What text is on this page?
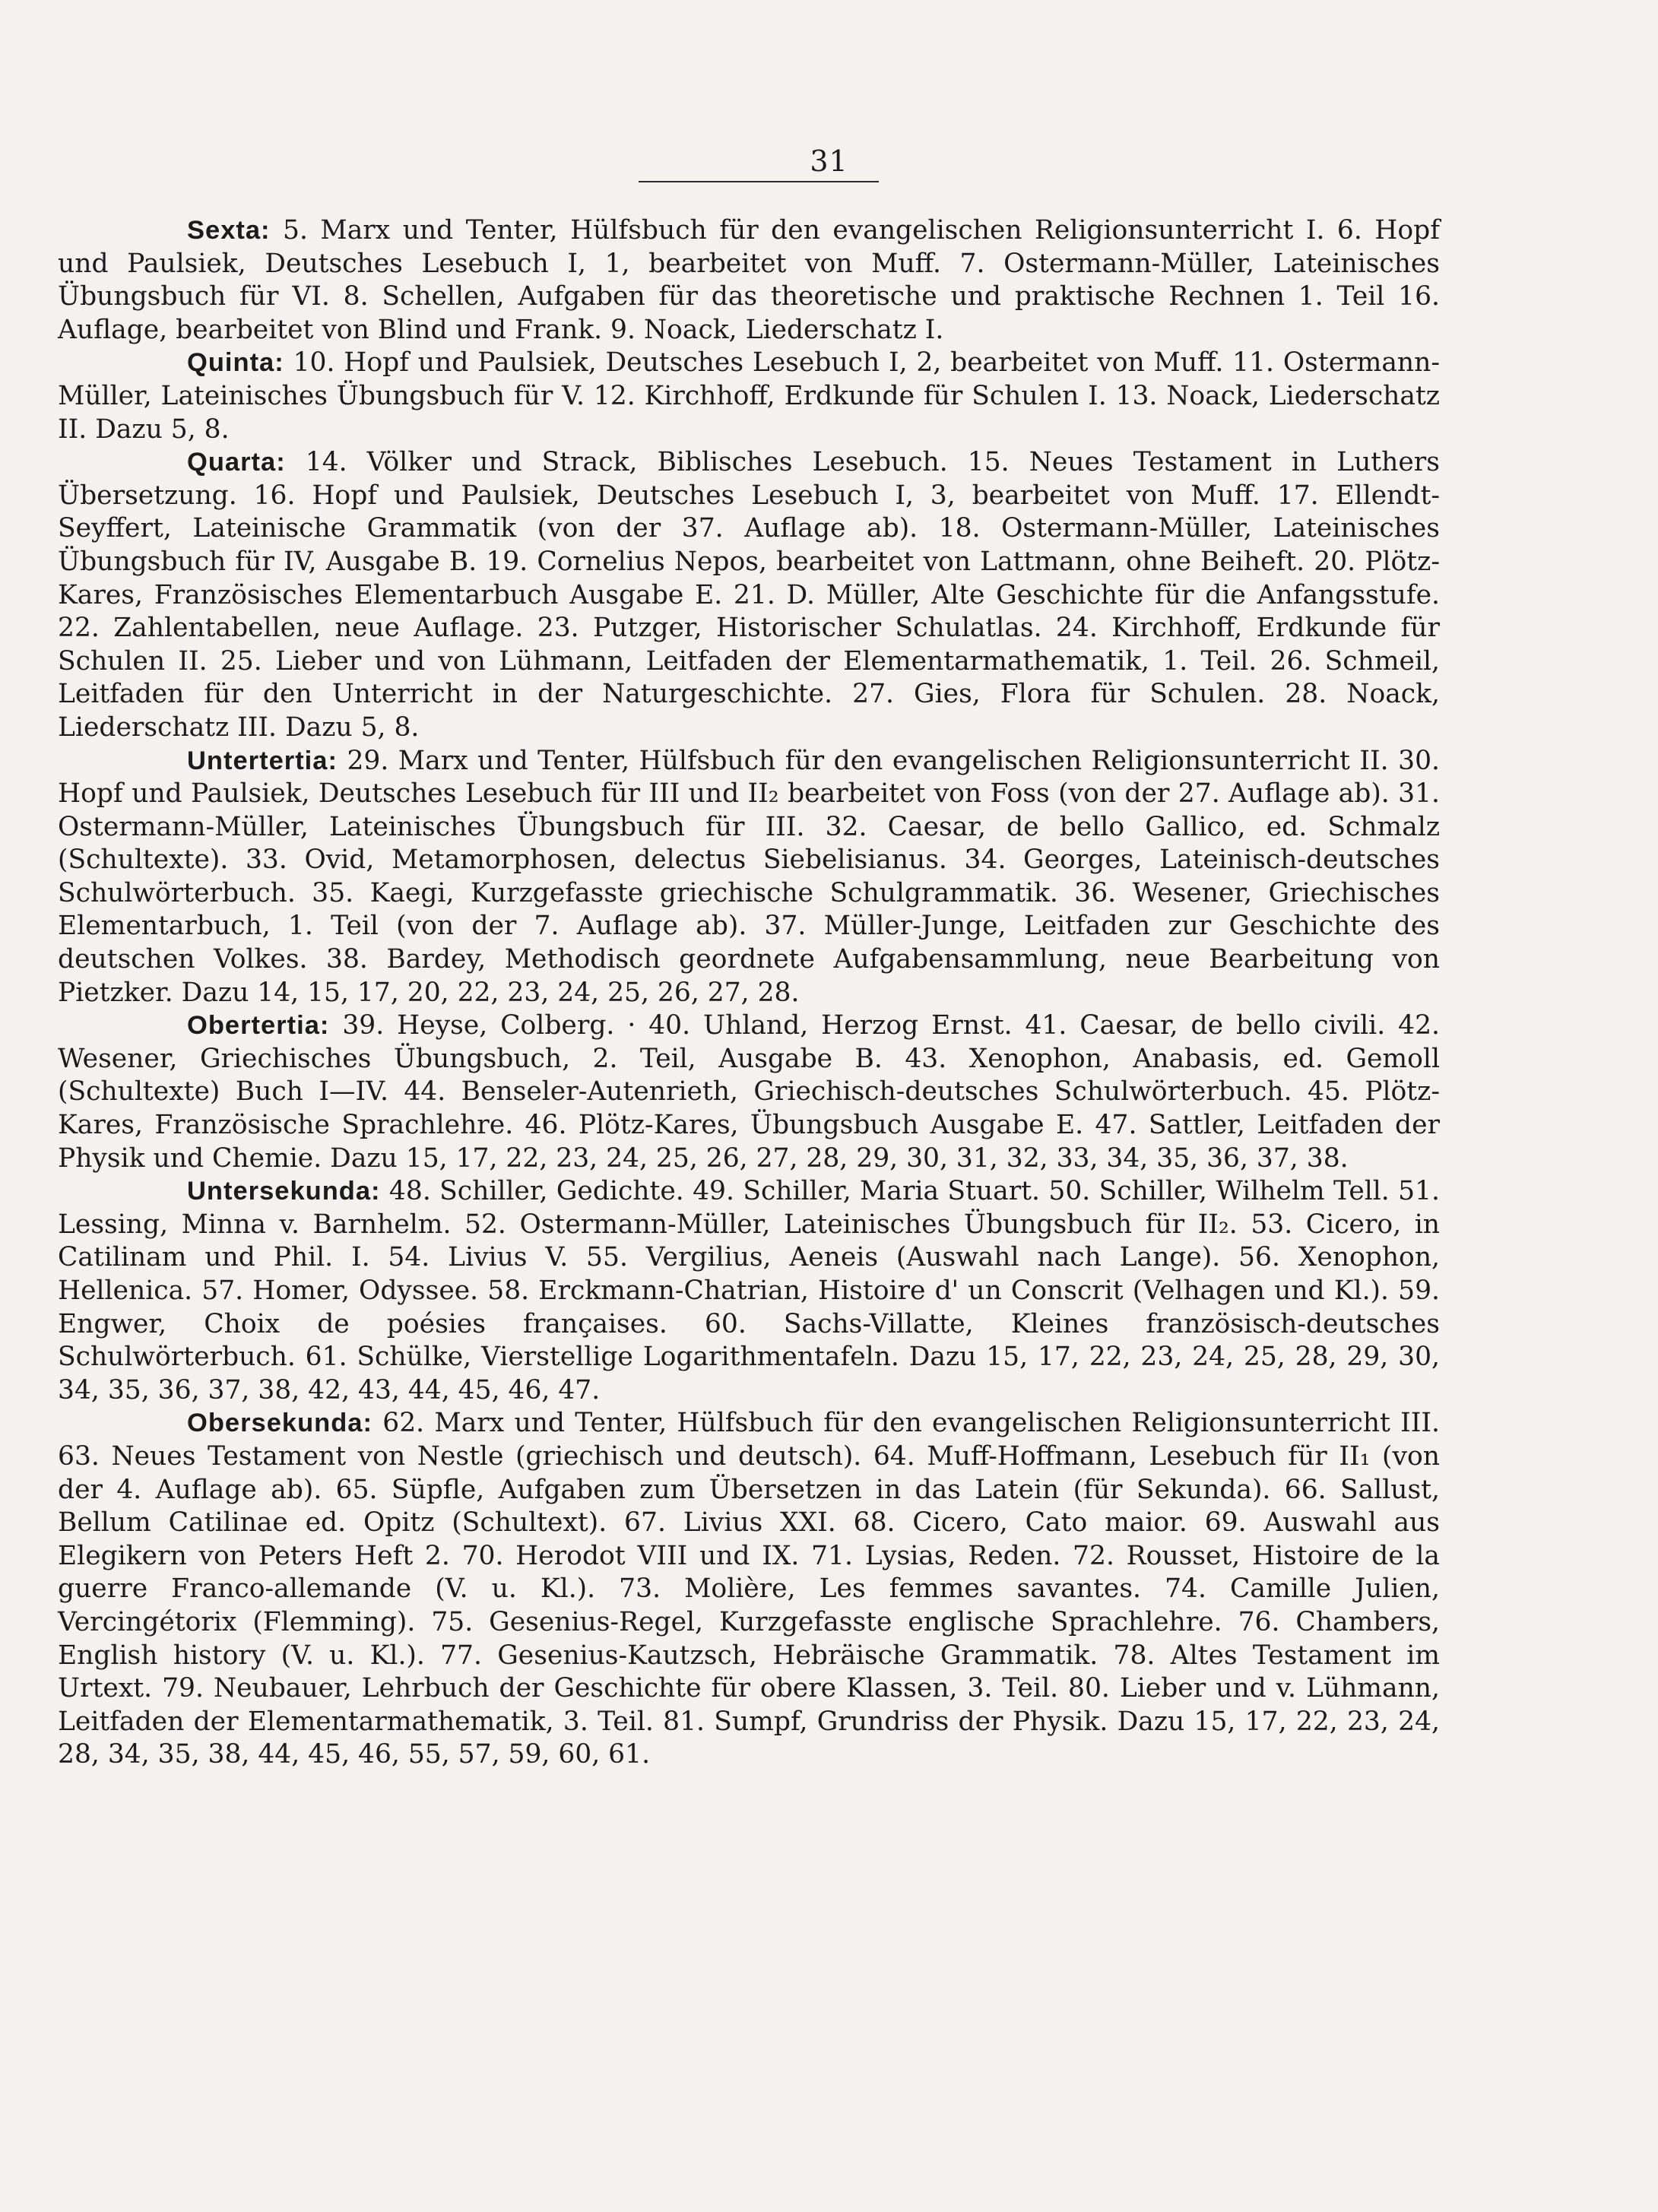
31

Sexta: 5. Marx und Tenter, Hülfsbuch für den evangelischen Religionsunterricht I. 6. Hopf und Paulsiek, Deutsches Lesebuch I, 1, bearbeitet von Muff. 7. Ostermann-Müller, Lateinisches Übungsbuch für VI. 8. Schellen, Aufgaben für das theoretische und praktische Rechnen 1. Teil 16. Auflage, bearbeitet von Blind und Frank. 9. Noack, Liederschatz I.

Quinta: 10. Hopf und Paulsiek, Deutsches Lesebuch I, 2, bearbeitet von Muff. 11. Ostermann-Müller, Lateinisches Übungsbuch für V. 12. Kirchhoff, Erdkunde für Schulen I. 13. Noack, Liederschatz II. Dazu 5, 8.

Quarta: 14. Völker und Strack, Biblisches Lesebuch. 15. Neues Testament in Luthers Übersetzung. 16. Hopf und Paulsiek, Deutsches Lesebuch I, 3, bearbeitet von Muff. 17. Ellendt-Seyffert, Lateinische Grammatik (von der 37. Auflage ab). 18. Ostermann-Müller, Lateinisches Übungsbuch für IV, Ausgabe B. 19. Cornelius Nepos, bearbeitet von Lattmann, ohne Beiheft. 20. Plötz-Kares, Französisches Elementarbuch Ausgabe E. 21. D. Müller, Alte Geschichte für die Anfangsstufe. 22. Zahlentabellen, neue Auflage. 23. Putzger, Historischer Schulatlas. 24. Kirchhoff, Erdkunde für Schulen II. 25. Lieber und von Lühmann, Leitfaden der Elementarmathematik, 1. Teil. 26. Schmeil, Leitfaden für den Unterricht in der Naturgeschichte. 27. Gies, Flora für Schulen. 28. Noack, Liederschatz III. Dazu 5, 8.

Untertertia: 29. Marx und Tenter, Hülfsbuch für den evangelischen Religionsunterricht II. 30. Hopf und Paulsiek, Deutsches Lesebuch für III und II₂ bearbeitet von Foss (von der 27. Auflage ab). 31. Ostermann-Müller, Lateinisches Übungsbuch für III. 32. Caesar, de bello Gallico, ed. Schmalz (Schultexte). 33. Ovid, Metamorphosen, delectus Siebelisianus. 34. Georges, Lateinisch-deutsches Schulwörterbuch. 35. Kaegi, Kurzgefasste griechische Schulgrammatik. 36. Wesener, Griechisches Elementarbuch, 1. Teil (von der 7. Auflage ab). 37. Müller-Junge, Leitfaden zur Geschichte des deutschen Volkes. 38. Bardey, Methodisch geordnete Aufgabensammlung, neue Bearbeitung von Pietzker. Dazu 14, 15, 17, 20, 22, 23, 24, 25, 26, 27, 28.

Obertertia: 39. Heyse, Colberg. · 40. Uhland, Herzog Ernst. 41. Caesar, de bello civili. 42. Wesener, Griechisches Übungsbuch, 2. Teil, Ausgabe B. 43. Xenophon, Anabasis, ed. Gemoll (Schultexte) Buch I—IV. 44. Benseler-Autenrieth, Griechisch-deutsches Schulwörterbuch. 45. Plötz-Kares, Französische Sprachlehre. 46. Plötz-Kares, Übungsbuch Ausgabe E. 47. Sattler, Leitfaden der Physik und Chemie. Dazu 15, 17, 22, 23, 24, 25, 26, 27, 28, 29, 30, 31, 32, 33, 34, 35, 36, 37, 38.

Untersekunda: 48. Schiller, Gedichte. 49. Schiller, Maria Stuart. 50. Schiller, Wilhelm Tell. 51. Lessing, Minna v. Barnhelm. 52. Ostermann-Müller, Lateinisches Übungsbuch für II₂. 53. Cicero, in Catilinam und Phil. I. 54. Livius V. 55. Vergilius, Aeneis (Auswahl nach Lange). 56. Xenophon, Hellenica. 57. Homer, Odyssee. 58. Erckmann-Chatrian, Histoire d' un Conscrit (Velhagen und Kl.). 59. Engwer, Choix de poésies françaises. 60. Sachs-Villatte, Kleines französisch-deutsches Schulwörterbuch. 61. Schülke, Vierstellige Logarithmentafeln. Dazu 15, 17, 22, 23, 24, 25, 28, 29, 30, 34, 35, 36, 37, 38, 42, 43, 44, 45, 46, 47.

Obersekunda: 62. Marx und Tenter, Hülfsbuch für den evangelischen Religionsunterricht III. 63. Neues Testament von Nestle (griechisch und deutsch). 64. Muff-Hoffmann, Lesebuch für II₁ (von der 4. Auflage ab). 65. Süpfle, Aufgaben zum Übersetzen in das Latein (für Sekunda). 66. Sallust, Bellum Catilinae ed. Opitz (Schultext). 67. Livius XXI. 68. Cicero, Cato maior. 69. Auswahl aus Elegikern von Peters Heft 2. 70. Herodot VIII und IX. 71. Lysias, Reden. 72. Rousset, Histoire de la guerre Franco-allemande (V. u. Kl.). 73. Molière, Les femmes savantes. 74. Camille Julien, Vercingétorix (Flemming). 75. Gesenius-Regel, Kurzgefasste englische Sprachlehre. 76. Chambers, English history (V. u. Kl.). 77. Gesenius-Kautzsch, Hebräische Grammatik. 78. Altes Testament im Urtext. 79. Neubauer, Lehrbuch der Geschichte für obere Klassen, 3. Teil. 80. Lieber und v. Lühmann, Leitfaden der Elementarmathematik, 3. Teil. 81. Sumpf, Grundriss der Physik. Dazu 15, 17, 22, 23, 24, 28, 34, 35, 38, 44, 45, 46, 55, 57, 59, 60, 61.
